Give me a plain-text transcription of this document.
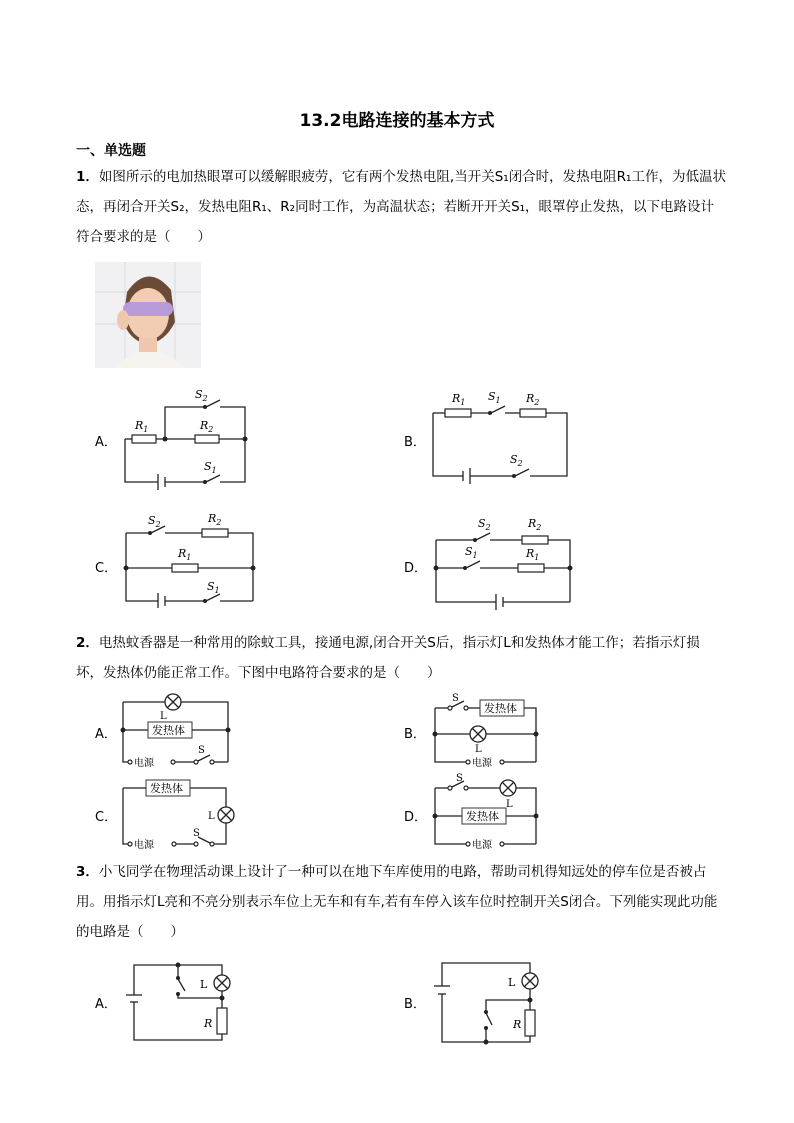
13.2电路连接的基本方式
一、单选题
1．如图所示的电加热眼罩可以缓解眼疲劳，它有两个发热电阻,当开关S₁闭合时，发热电阻R₁工作，为低温状态，再闭合开关S₂，发热电阻R₁、R₂同时工作，为高温状态；若断开开关S₁，眼罩停止发热，以下电路设计符合要求的是（　　）
A．	B．
C．	D．
$S_2$
$R_1$	$R_2$
$S_1$
$R_1$ $S_1$ $R_2$
$S_2$
$S_2$	$R_2$
$R_1$
$S_1$
$S_2$	$R_2$
$S_1$	$R_1$
2．电热蚊香器是一种常用的除蚊工具，接通电源,闭合开关S后，指示灯L和发热体才能工作；若指示灯损坏，发热体仍能正常工作。下图中电路符合要求的是（　　）
A．	B．
C．	D．
L
发热体
电源
S
S
发热体
L
电源
发热体
L
电源
S
S
L
发热体
电源
3．小飞同学在物理活动课上设计了一种可以在地下车库使用的电路，帮助司机得知远处的停车位是否被占用。用指示灯L亮和不亮分别表示车位上无车和有车,若有车停入该车位时控制开关S闭合。下列能实现此功能的电路是（　　）
A．	B．
L
R
L
R
